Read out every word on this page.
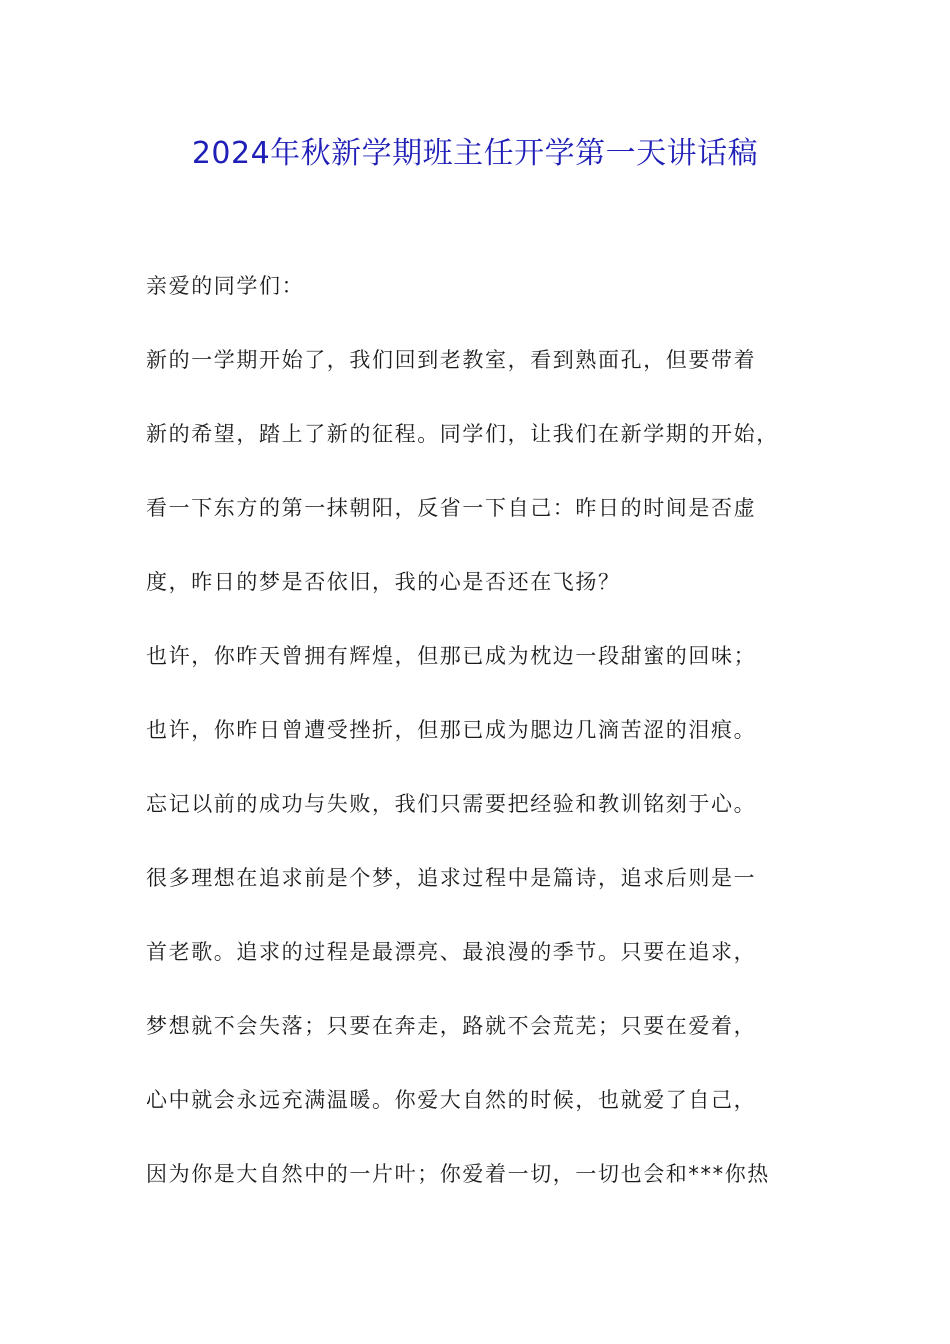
2024年秋新学期班主任开学第一天讲话稿
亲爱的同学们：
新的一学期开始了，我们回到老教室，看到熟面孔，但要带着
新的希望，踏上了新的征程。同学们，让我们在新学期的开始，
看一下东方的第一抹朝阳，反省一下自己：昨日的时间是否虚
度，昨日的梦是否依旧，我的心是否还在飞扬？
也许，你昨天曾拥有辉煌，但那已成为枕边一段甜蜜的回味；
也许，你昨日曾遭受挫折，但那已成为腮边几滴苦涩的泪痕。
忘记以前的成功与失败，我们只需要把经验和教训铭刻于心。
很多理想在追求前是个梦，追求过程中是篇诗，追求后则是一
首老歌。追求的过程是最漂亮、最浪漫的季节。只要在追求，
梦想就不会失落；只要在奔走，路就不会荒芜；只要在爱着，
心中就会永远充满温暖。你爱大自然的时候，也就爱了自己，
因为你是大自然中的一片叶；你爱着一切，一切也会和***你热
